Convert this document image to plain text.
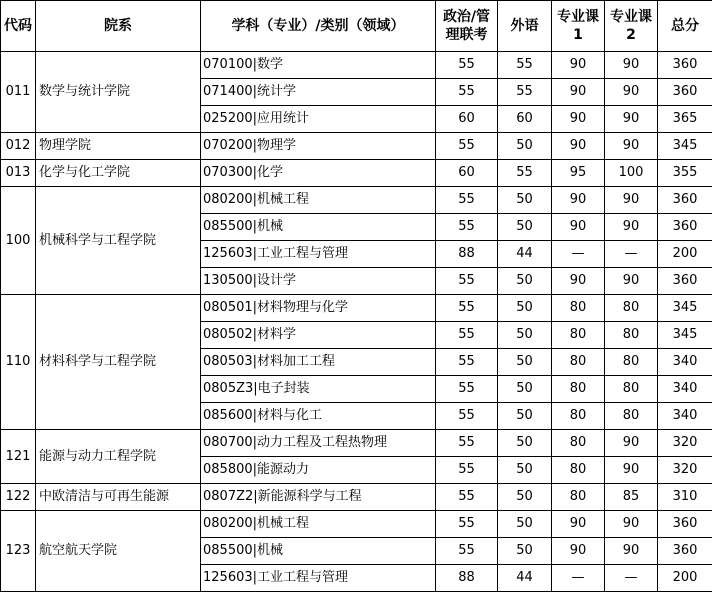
代码	院系	学科（专业）/类别（领域）	政治/管理联考	外语	专业课1	专业课2	总分
011	数学与统计学院	070100|数学	55	55	90	90	360
		071400|统计学	55	55	90	90	360
		025200|应用统计	60	60	90	90	365
012	物理学院	070200|物理学	55	50	90	90	345
013	化学与化工学院	070300|化学	60	55	95	100	355
100	机械科学与工程学院	080200|机械工程	55	50	90	90	360
		085500|机械	55	50	90	90	360
		125603|工业工程与管理	88	44	—	—	200
		130500|设计学	55	50	90	90	360
110	材料科学与工程学院	080501|材料物理与化学	55	50	80	80	345
		080502|材料学	55	50	80	80	345
		080503|材料加工工程	55	50	80	80	340
		0805Z3|电子封装	55	50	80	80	340
		085600|材料与化工	55	50	80	80	340
121	能源与动力工程学院	080700|动力工程及工程热物理	55	50	80	90	320
		085800|能源动力	55	50	80	90	320
122	中欧清洁与可再生能源	0807Z2|新能源科学与工程	55	50	80	85	310
123	航空航天学院	080200|机械工程	55	50	90	90	360
		085500|机械	55	50	90	90	360
		125603|工业工程与管理	88	44	—	—	200
